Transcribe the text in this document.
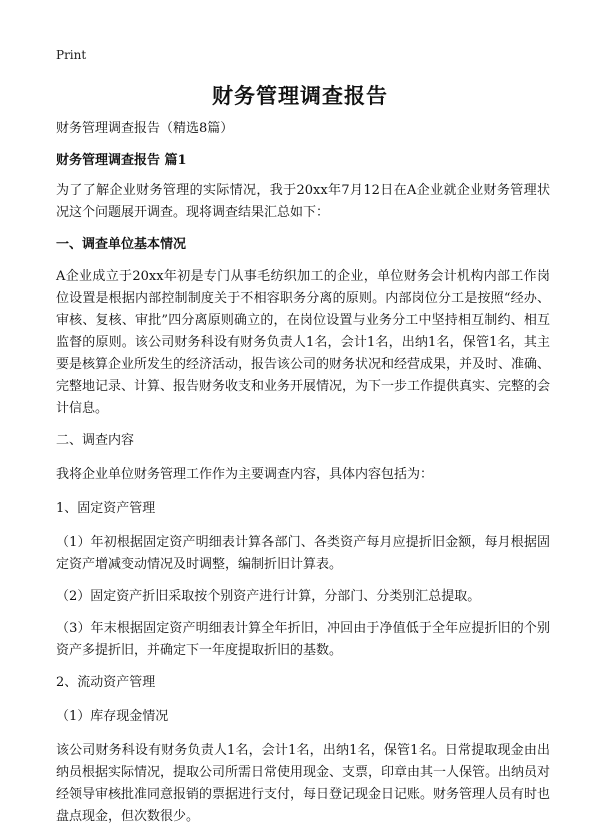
Print
财务管理调查报告

财务管理调查报告（精选8篇）

财务管理调查报告 篇1

为了了解企业财务管理的实际情况，我于20xx年7月12日在A企业就企业财务管理状况这个问题展开调查。现将调查结果汇总如下：

一、调查单位基本情况

A企业成立于20xx年初是专门从事毛纺织加工的企业，单位财务会计机构内部工作岗位设置是根据内部控制制度关于不相容职务分离的原则。内部岗位分工是按照“经办、审核、复核、审批”四分离原则确立的，在岗位设置与业务分工中坚持相互制约、相互监督的原则。该公司财务科设有财务负责人1名，会计1名，出纳1名，保管1名，其主要是核算企业所发生的经济活动，报告该公司的财务状况和经营成果，并及时、准确、完整地记录、计算、报告财务收支和业务开展情况，为下一步工作提供真实、完整的会计信息。

二、调查内容

我将企业单位财务管理工作作为主要调查内容，具体内容包括为：

1、固定资产管理

（1）年初根据固定资产明细表计算各部门、各类资产每月应提折旧金额，每月根据固定资产增减变动情况及时调整，编制折旧计算表。

（2）固定资产折旧采取按个别资产进行计算，分部门、分类别汇总提取。

（3）年末根据固定资产明细表计算全年折旧，冲回由于净值低于全年应提折旧的个别资产多提折旧，并确定下一年度提取折旧的基数。

2、流动资产管理

（1）库存现金情况

该公司财务科设有财务负责人1名，会计1名，出纳1名，保管1名。日常提取现金由出纳员根据实际情况，提取公司所需日常使用现金、支票，印章由其一人保管。出纳员对经领导审核批准同意报销的票据进行支付，每日登记现金日记账。财务管理人员有时也盘点现金，但次数很少。
